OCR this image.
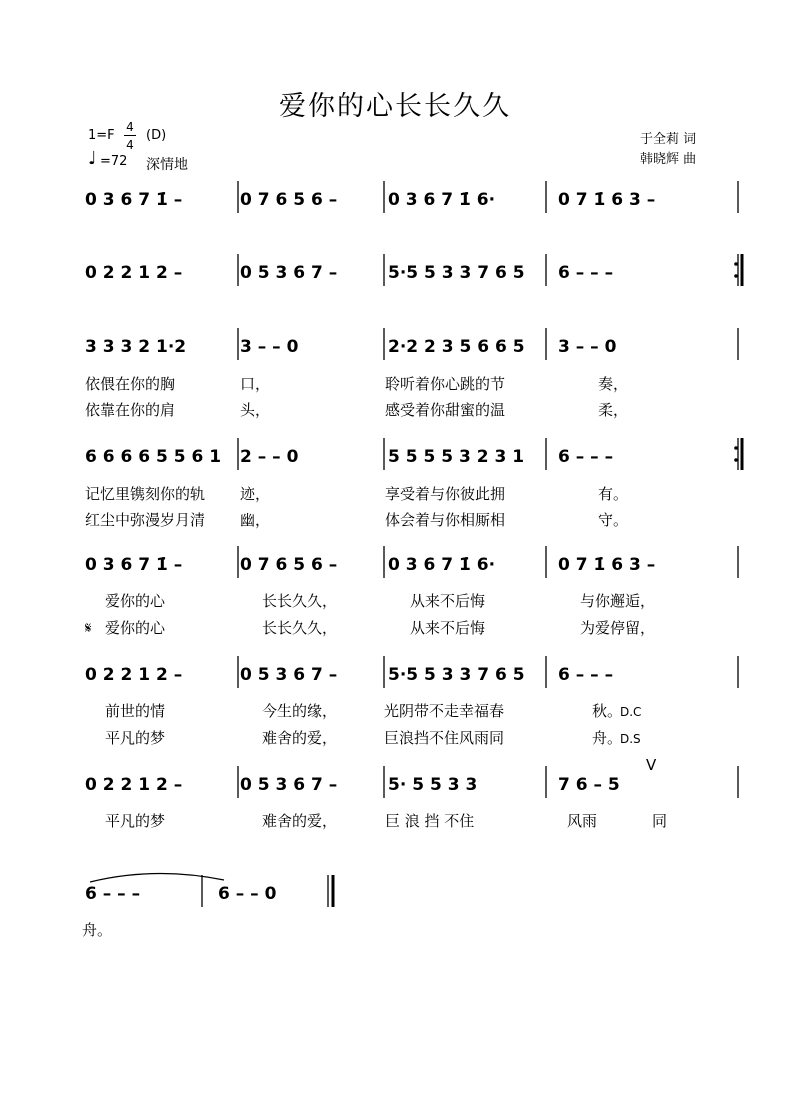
爱你的心长长久久
1=F
4
4
(D)
♩ =72 深情地
于全莉 词
韩晓辉 曲
0 3 6 7 1̇ –	0 7 6 5 6 –	0 3 6 7 1̇ 6·	0 7 1̇ 6 3 –
0 2 2 1 2 –	0 5 3 6 7 –	5·5 5 3 3 7 6 5 6 – – –
3 3 3 2 1·2	3 – – 0	2·2 2 3 5 6 6 5 3 – – 0
依偎在你的胸	口，	聆听着你心跳的节	奏，
依靠在你的肩	头，	感受着你甜蜜的温	柔，
6 6 6 6 5 5 6 1 2 – – 0	5 5 5 5 3 2 3 1 6 – – –
记忆里镌刻你的轨 迹，	享受着与你彼此拥	有。
红尘中弥漫岁月清 幽，	体会着与你相厮相	守。
0 3 6 7 1̇ –	0 7 6 5 6 –	0 3 6 7 1̇ 6·	0 7 1̇ 6 3 –
爱你的心	长长久久，	从来不后悔	与你邂逅，
爱你的心	长长久久，	从来不后悔	为爱停留，
0 2 2 1 2 –	0 5 3 6 7 –	5·5 5 3 3 7 6 5 6 – – –
前世的情	今生的缘，	光阴带不走幸福春	秋。
D.C
平凡的梦	难舍的爱，	巨浪挡不住风雨同	舟。
D.S
0 2 2 1 2 –	0 5 3 6 7 –	5· 5 5 3 3	7 6 – 5
平凡的梦	难舍的爱，	巨 浪 挡 不住	风雨	同
6 – – –	6 – – 0
舟。
𝄋
V
